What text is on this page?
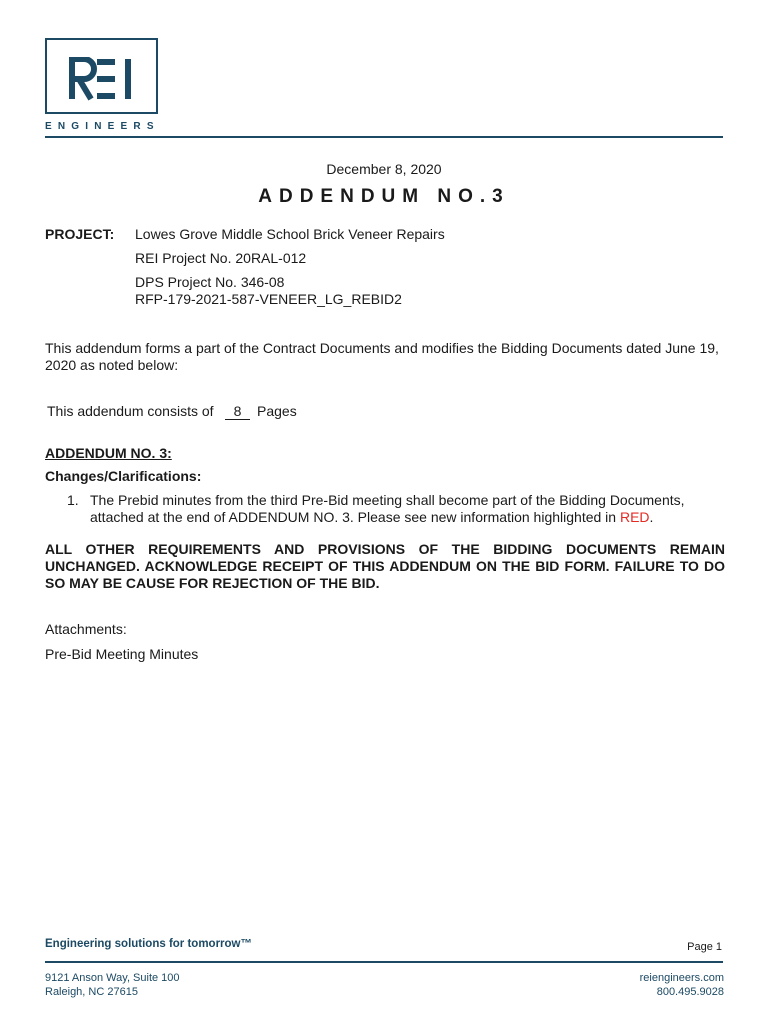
ENGINEERS
December 8, 2020
ADDENDUM NO.3
PROJECT: Lowes Grove Middle School Brick Veneer Repairs
REI Project No. 20RAL-012
DPS Project No. 346-08
RFP-179-2021-587-VENEER_LG_REBID2
This addendum forms a part of the Contract Documents and modifies the Bidding Documents dated June 19, 2020 as noted below:
This addendum consists of	8	Pages
ADDENDUM NO. 3:
Changes/Clarifications:
1. The Prebid minutes from the third Pre-Bid meeting shall become part of the Bidding Documents, attached at the end of ADDENDUM NO. 3. Please see new information highlighted in RED.
ALL OTHER REQUIREMENTS AND PROVISIONS OF THE BIDDING DOCUMENTS REMAIN UNCHANGED. ACKNOWLEDGE RECEIPT OF THIS ADDENDUM ON THE BID FORM. FAILURE TO DO SO MAY BE CAUSE FOR REJECTION OF THE BID.
Attachments:
Pre-Bid Meeting Minutes
Engineering solutions for tomorrow™	Page 1
9121 Anson Way, Suite 100
Raleigh, NC 27615
reiengineers.com
800.495.9028
